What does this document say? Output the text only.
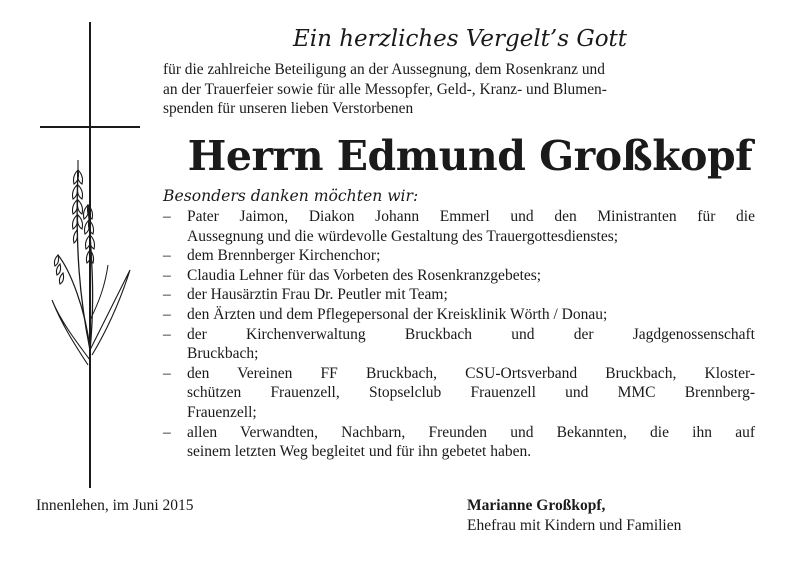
Ein herzliches Vergelt’s Gott
für die zahlreiche Beteiligung an der Aussegnung, dem Rosenkranz und
an der Trauerfeier sowie für alle Messopfer, Geld-, Kranz- und Blumen-
spenden für unseren lieben Verstorbenen
Herrn Edmund Großkopf
Besonders danken möchten wir:
– Pater Jaimon, Diakon Johann Emmerl und den Ministranten für die
Aussegnung und die würdevolle Gestaltung des Trauergottesdienstes;
– dem Brennberger Kirchenchor;
– Claudia Lehner für das Vorbeten des Rosenkranzgebetes;
– der Hausärztin Frau Dr. Peutler mit Team;
– den Ärzten und dem Pflegepersonal der Kreisklinik Wörth / Donau;
– der Kirchenverwaltung Bruckbach und der Jagdgenossenschaft
Bruckbach;
– den Vereinen FF Bruckbach, CSU-Ortsverband Bruckbach, Kloster-
schützen Frauenzell, Stopselclub Frauenzell und MMC Brennberg-
Frauenzell;
– allen Verwandten, Nachbarn, Freunden und Bekannten, die ihn auf
seinem letzten Weg begleitet und für ihn gebetet haben.
Innenlehen, im Juni 2015	Marianne Großkopf,
Ehefrau mit Kindern und Familien
